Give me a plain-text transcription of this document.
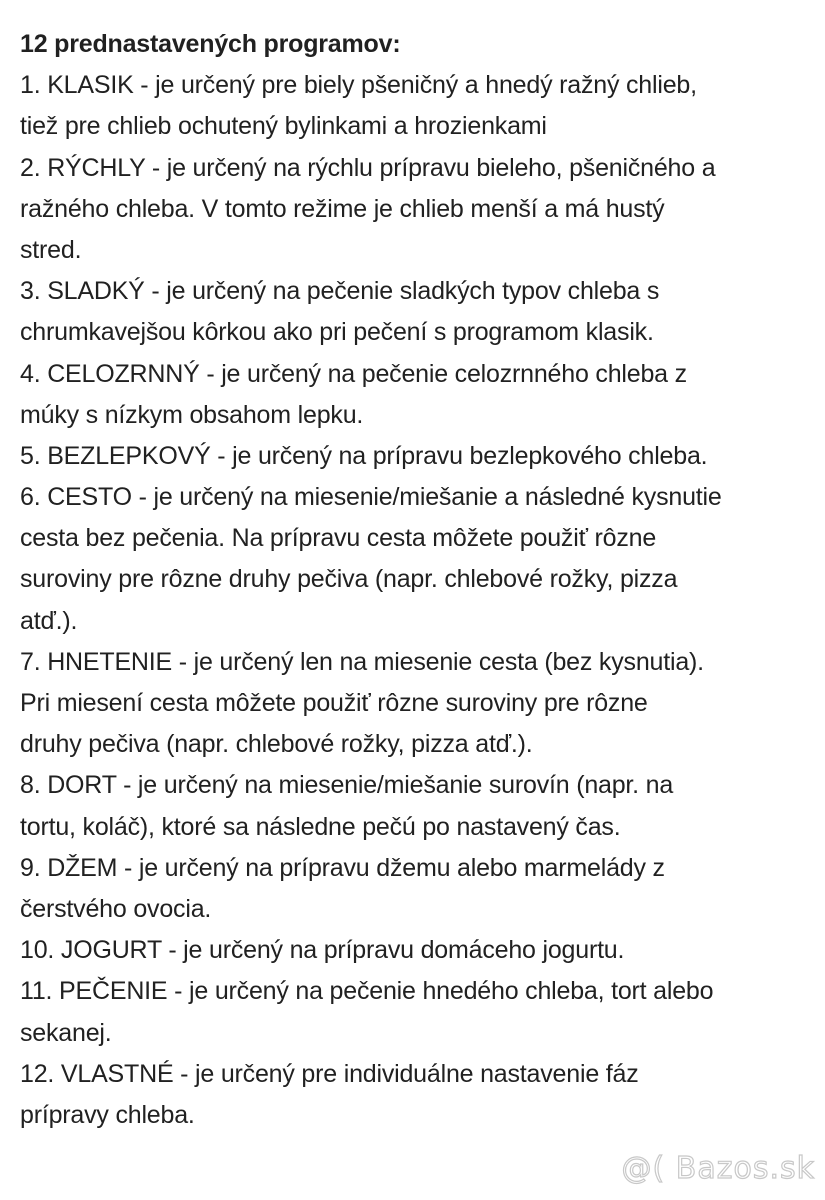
12 prednastavených programov:
1. KLASIK - je určený pre biely pšeničný a hnedý ražný chlieb,
tiež pre chlieb ochutený bylinkami a hrozienkami
2. RÝCHLY - je určený na rýchlu prípravu bieleho, pšeničného a
ražného chleba. V tomto režime je chlieb menší a má hustý
stred.
3. SLADKÝ - je určený na pečenie sladkých typov chleba s
chrumkavejšou kôrkou ako pri pečení s programom klasik.
4. CELOZRNNÝ - je určený na pečenie celozrnného chleba z
múky s nízkym obsahom lepku.
5. BEZLEPKOVÝ - je určený na prípravu bezlepkového chleba.
6. CESTO - je určený na miesenie/miešanie a následné kysnutie
cesta bez pečenia. Na prípravu cesta môžete použiť rôzne
suroviny pre rôzne druhy pečiva (napr. chlebové rožky, pizza
atď.).
7. HNETENIE - je určený len na miesenie cesta (bez kysnutia).
Pri miesení cesta môžete použiť rôzne suroviny pre rôzne
druhy pečiva (napr. chlebové rožky, pizza atď.).
8. DORT - je určený na miesenie/miešanie surovín (napr. na
tortu, koláč), ktoré sa následne pečú po nastavený čas.
9. DŽEM - je určený na prípravu džemu alebo marmelády z
čerstvého ovocia.
10. JOGURT - je určený na prípravu domáceho jogurtu.
11. PEČENIE - je určený na pečenie hnedého chleba, tort alebo
sekanej.
12. VLASTNÉ - je určený pre individuálne nastavenie fáz
prípravy chleba.
@( Bazos.sk
